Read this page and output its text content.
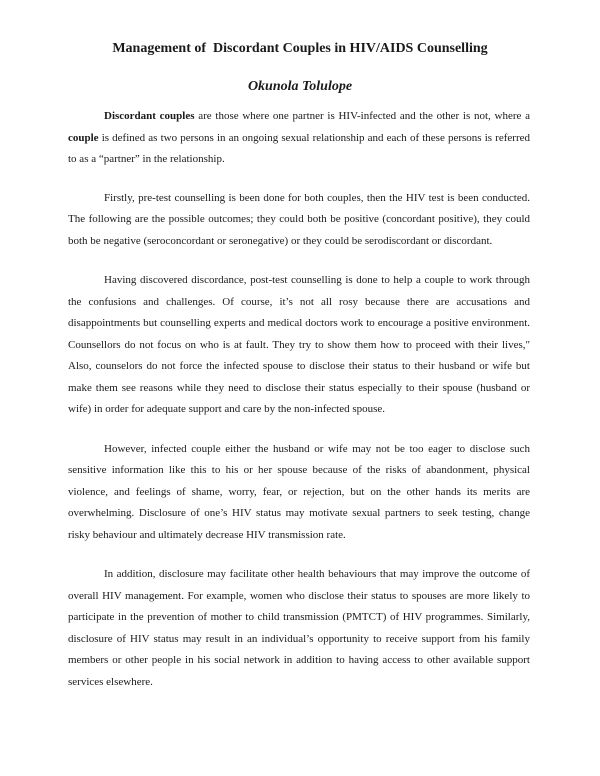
Management of  Discordant Couples in HIV/AIDS Counselling
Okunola Tolulope

Discordant couples are those where one partner is HIV-infected and the other is not, where a couple is defined as two persons in an ongoing sexual relationship and each of these persons is referred to as a “partner” in the relationship.

Firstly, pre-test counselling is been done for both couples, then the HIV test is been conducted. The following are the possible outcomes; they could both be positive (concordant positive), they could both be negative (seroconcordant or seronegative) or they could be serodiscordant or discordant.

Having discovered discordance, post-test counselling is done to help a couple to work through the confusions and challenges. Of course, it’s not all rosy because there are accusations and disappointments but counselling experts and medical doctors work to encourage a positive environment. Counsellors do not focus on who is at fault. They try to show them how to proceed with their lives," Also, counselors do not force the infected spouse to disclose their status to their husband or wife but make them see reasons while they need to disclose their status especially to their spouse (husband or wife) in order for adequate support and care by the non-infected spouse.

However, infected couple either the husband or wife may not be too eager to disclose such sensitive information like this to his or her spouse because of the risks of abandonment, physical violence, and feelings of shame, worry, fear, or rejection, but on the other hands its merits are overwhelming. Disclosure of one’s HIV status may motivate sexual partners to seek testing, change risky behaviour and ultimately decrease HIV transmission rate.

In addition, disclosure may facilitate other health behaviours that may improve the outcome of overall HIV management. For example, women who disclose their status to spouses are more likely to participate in the prevention of mother to child transmission (PMTCT) of HIV programmes. Similarly, disclosure of HIV status may result in an individual’s opportunity to receive support from his family members or other people in his social network in addition to having access to other available support services elsewhere.
